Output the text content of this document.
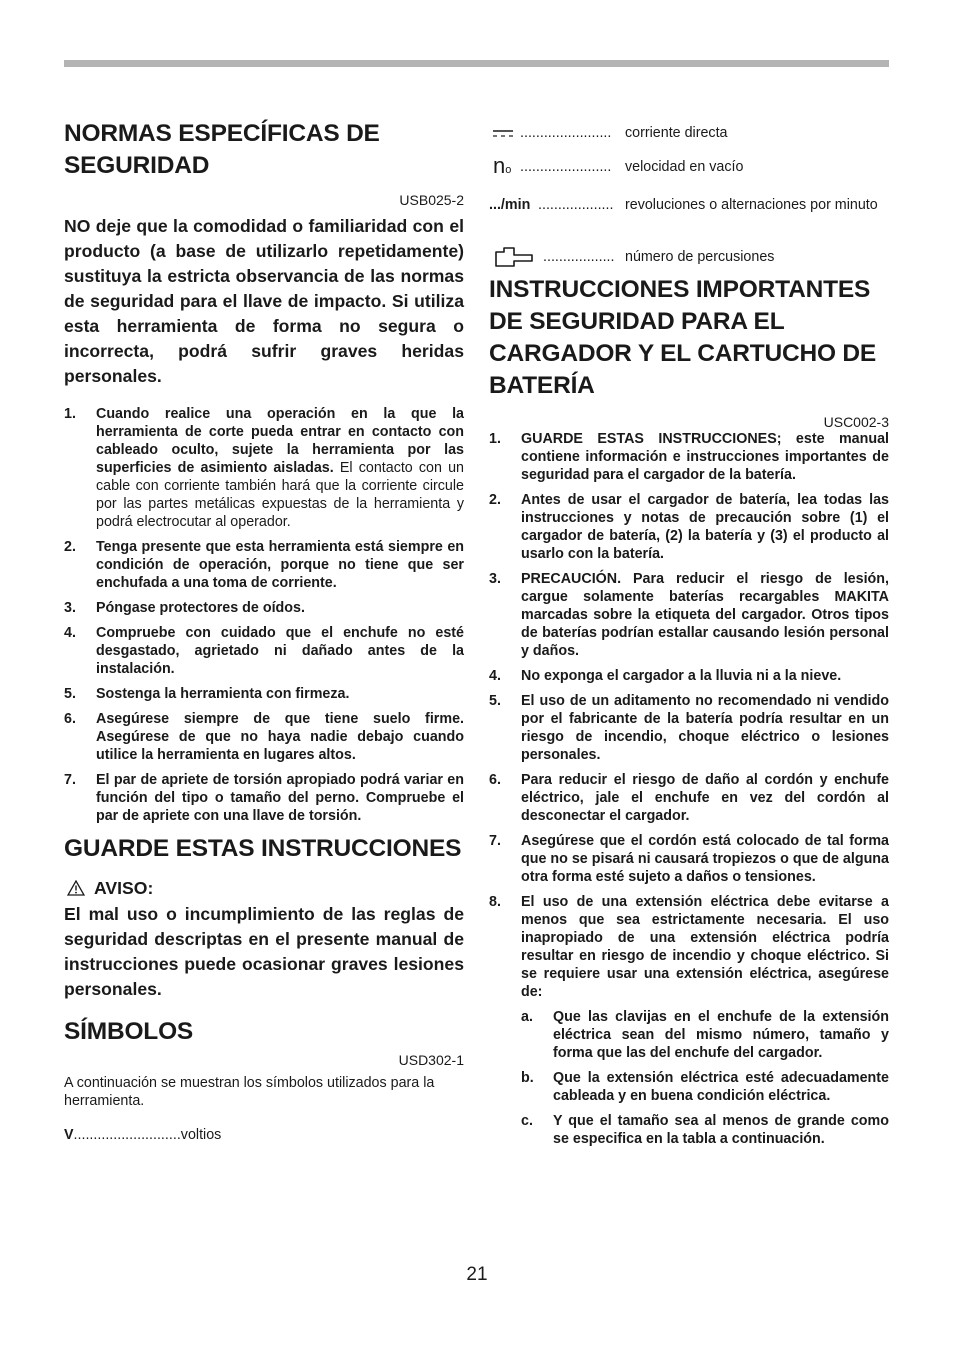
NORMAS ESPECÍFICAS DE SEGURIDAD
USB025-2

NO deje que la comodidad o familiaridad con el producto (a base de utilizarlo repetidamente) sustituya la estricta observancia de las normas de seguridad para el llave de impacto. Si utiliza esta herramienta de forma no segura o incorrecta, podrá sufrir graves heridas personales.

1. Cuando realice una operación en la que la herramienta de corte pueda entrar en contacto con cableado oculto, sujete la herramienta por las superficies de asimiento aisladas. El contacto con un cable con corriente también hará que la corriente circule por las partes metálicas expuestas de la herramienta y podrá electrocutar al operador.
2. Tenga presente que esta herramienta está siempre en condición de operación, porque no tiene que ser enchufada a una toma de corriente.
3. Póngase protectores de oídos.
4. Compruebe con cuidado que el enchufe no esté desgastado, agrietado ni dañado antes de la instalación.
5. Sostenga la herramienta con firmeza.
6. Asegúrese siempre de que tiene suelo firme. Asegúrese de que no haya nadie debajo cuando utilice la herramienta en lugares altos.
7. El par de apriete de torsión apropiado podrá variar en función del tipo o tamaño del perno. Compruebe el par de apriete con una llave de torsión.
GUARDE ESTAS INSTRUCCIONES
AVISO:

El mal uso o incumplimiento de las reglas de seguridad descriptas en el presente manual de instrucciones puede ocasionar graves lesiones personales.

SÍMBOLOS
USD302-1

A continuación se muestran los símbolos utilizados para la herramienta.

V...........................voltios
....................... corriente directa
no ....................... velocidad en vacío
.../min ................... revoluciones o alternaciones por minuto
.................. número de percusiones
INSTRUCCIONES IMPORTANTES DE SEGURIDAD PARA EL CARGADOR Y EL CARTUCHO DE BATERÍA
USC002-3
1. GUARDE ESTAS INSTRUCCIONES; este manual contiene información e instrucciones importantes de seguridad para el cargador de la batería.
2. Antes de usar el cargador de batería, lea todas las instrucciones y notas de precaución sobre (1) el cargador de batería, (2) la batería y (3) el producto al usarlo con la batería.
3. PRECAUCIÓN. Para reducir el riesgo de lesión, cargue solamente baterías recargables MAKITA marcadas sobre la etiqueta del cargador. Otros tipos de baterías podrían estallar causando lesión personal y daños.
4. No exponga el cargador a la lluvia ni a la nieve.
5. El uso de un aditamento no recomendado ni vendido por el fabricante de la batería podría resultar en un riesgo de incendio, choque eléctrico o lesiones personales.
6. Para reducir el riesgo de daño al cordón y enchufe eléctrico, jale el enchufe en vez del cordón al desconectar el cargador.
7. Asegúrese que el cordón está colocado de tal forma que no se pisará ni causará tropiezos o que de alguna otra forma esté sujeto a daños o tensiones.
8. El uso de una extensión eléctrica debe evitarse a menos que sea estrictamente necesaria. El uso inapropiado de una extensión eléctrica podría resultar en riesgo de incendio y choque eléctrico. Si se requiere usar una extensión eléctrica, asegúrese de:
a. Que las clavijas en el enchufe de la extensión eléctrica sean del mismo número, tamaño y forma que las del enchufe del cargador.
b. Que la extensión eléctrica esté adecuadamente cableada y en buena condición eléctrica.
c. Y que el tamaño sea al menos de grande como se especifica en la tabla a continuación.
21
